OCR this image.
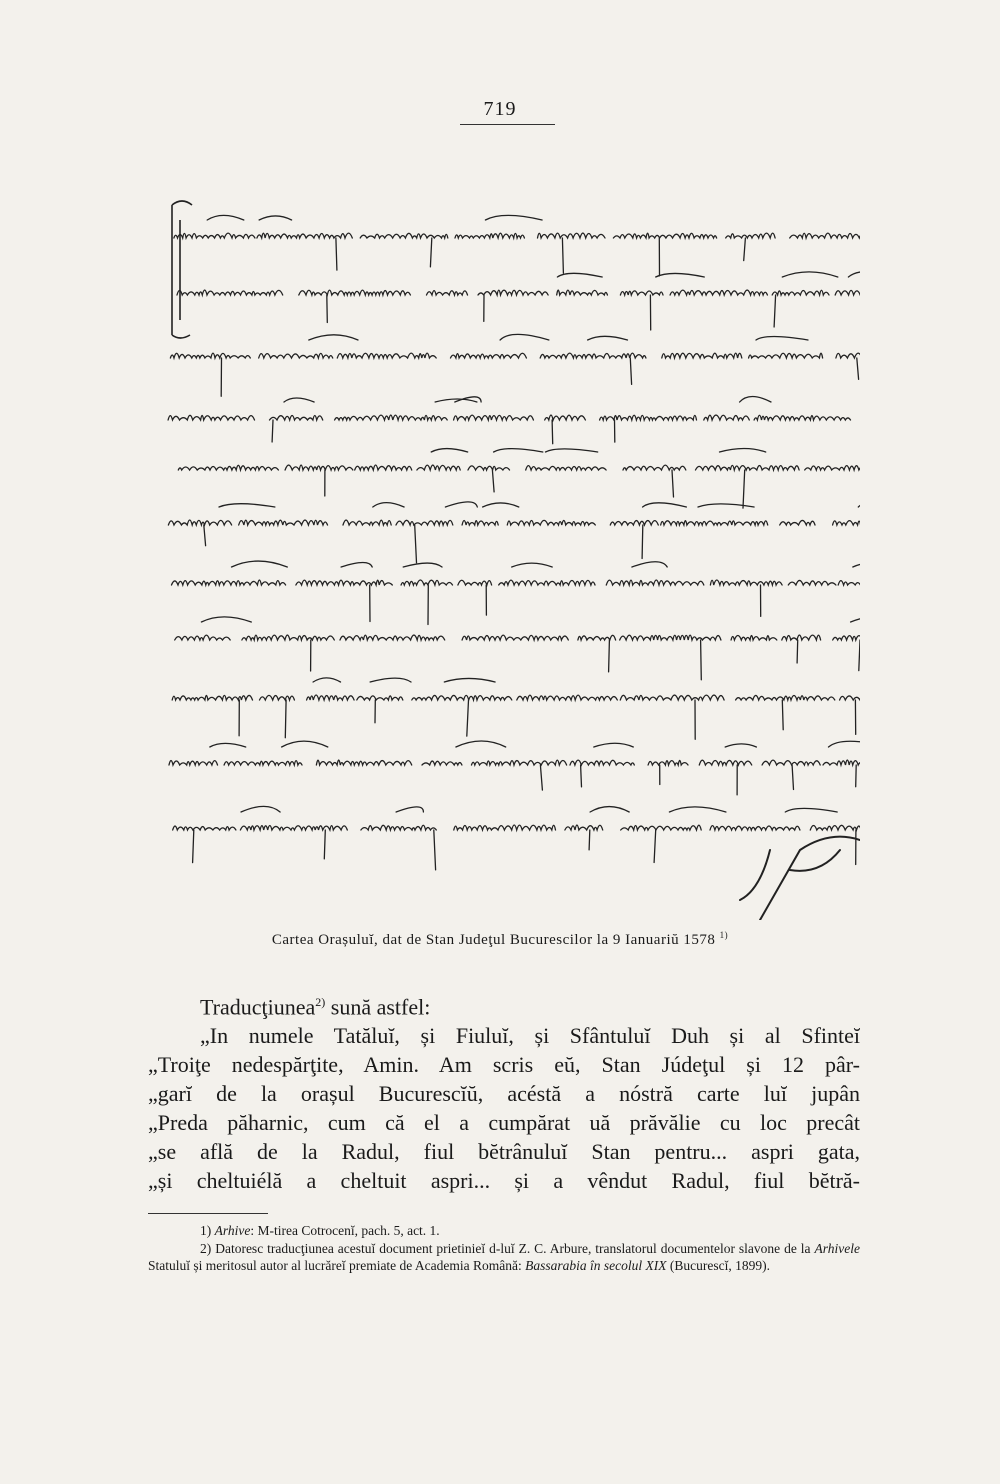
719
Cartea Orașuluĭ, dat de Stan Judeţul Bucurescilor la 9 Ianuariŭ 1578 $^{1)}$

Traducţiunea$^{2)}$ sună astfel:

„In numele Tatăluĭ, și Fiuluĭ, și Sfântuluĭ Duh și al Sfinteĭ

„Troiţe nedespărţite, Amin. Am scris eŭ, Stan Júdeţul și 12 pâr-

„garĭ de la orașul Bucurescĭŭ, acéstă a nóstră carte luĭ jupân

„Preda păharnic, cum că el a cumpărat uă prăvălie cu loc precât

„se află de la Radul, fiul bĕtrânuluĭ Stan pentru... aspri gata,

„și cheltuiélă a cheltuit aspri... și a vêndut Radul, fiul bĕtră-

1) Arhive: M-tirea Cotrocenĭ, pach. 5, act. 1.

2) Datoresc traducţiunea acestuĭ document prietinieĭ d-luĭ Z. C. Arbure, translatorul documentelor slavone de la Arhivele Statuluĭ și meritosul autor al lucrăreĭ premiate de Academia Română: Bassarabia în secolul XIX (Bucurescĭ, 1899).
